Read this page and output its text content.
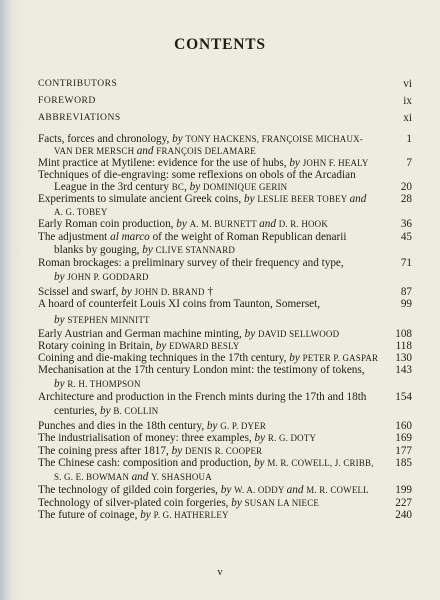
CONTENTS
CONTRIBUTORS	vi
FOREWORD	ix
ABBREVIATIONS	xi
Facts, forces and chronology, by TONY HACKENS, FRANÇOISE MICHAUX-	1
VAN DER MERSCH and FRANÇOIS DELAMARE
Mint practice at Mytilene: evidence for the use of hubs, by JOHN F. HEALY	7
Techniques of die-engraving: some reflexions on obols of the Arcadian
League in the 3rd century BC, by DOMINIQUE GERIN	20
Experiments to simulate ancient Greek coins, by LESLIE BEER TOBEY and	28
A. G. TOBEY
Early Roman coin production, by A. M. BURNETT and D. R. HOOK	36
The adjustment al marco of the weight of Roman Republican denarii	45
blanks by gouging, by CLIVE STANNARD
Roman brockages: a preliminary survey of their frequency and type,	71
by JOHN P. GODDARD
Scissel and swarf, by JOHN D. BRAND †	87
A hoard of counterfeit Louis XI coins from Taunton, Somerset,	99
by STEPHEN MINNITT
Early Austrian and German machine minting, by DAVID SELLWOOD	108
Rotary coining in Britain, by EDWARD BESLY	118
Coining and die-making techniques in the 17th century, by PETER P. GASPAR 130
Mechanisation at the 17th century London mint: the testimony of tokens,	143
by R. H. THOMPSON
Architecture and production in the French mints during the 17th and 18th	154
centuries, by B. COLLIN
Punches and dies in the 18th century, by G. P. DYER	160
The industrialisation of money: three examples, by R. G. DOTY	169
The coining press after 1817, by DENIS R. COOPER	177
The Chinese cash: composition and production, by M. R. COWELL, J. CRIBB, 185
S. G. E. BOWMAN and Y. SHASHOUA
The technology of gilded coin forgeries, by W. A. ODDY and M. R. COWELL 199
Technology of silver-plated coin forgeries, by SUSAN LA NIECE	227
The future of coinage, by P. G. HATHERLEY	240
v
